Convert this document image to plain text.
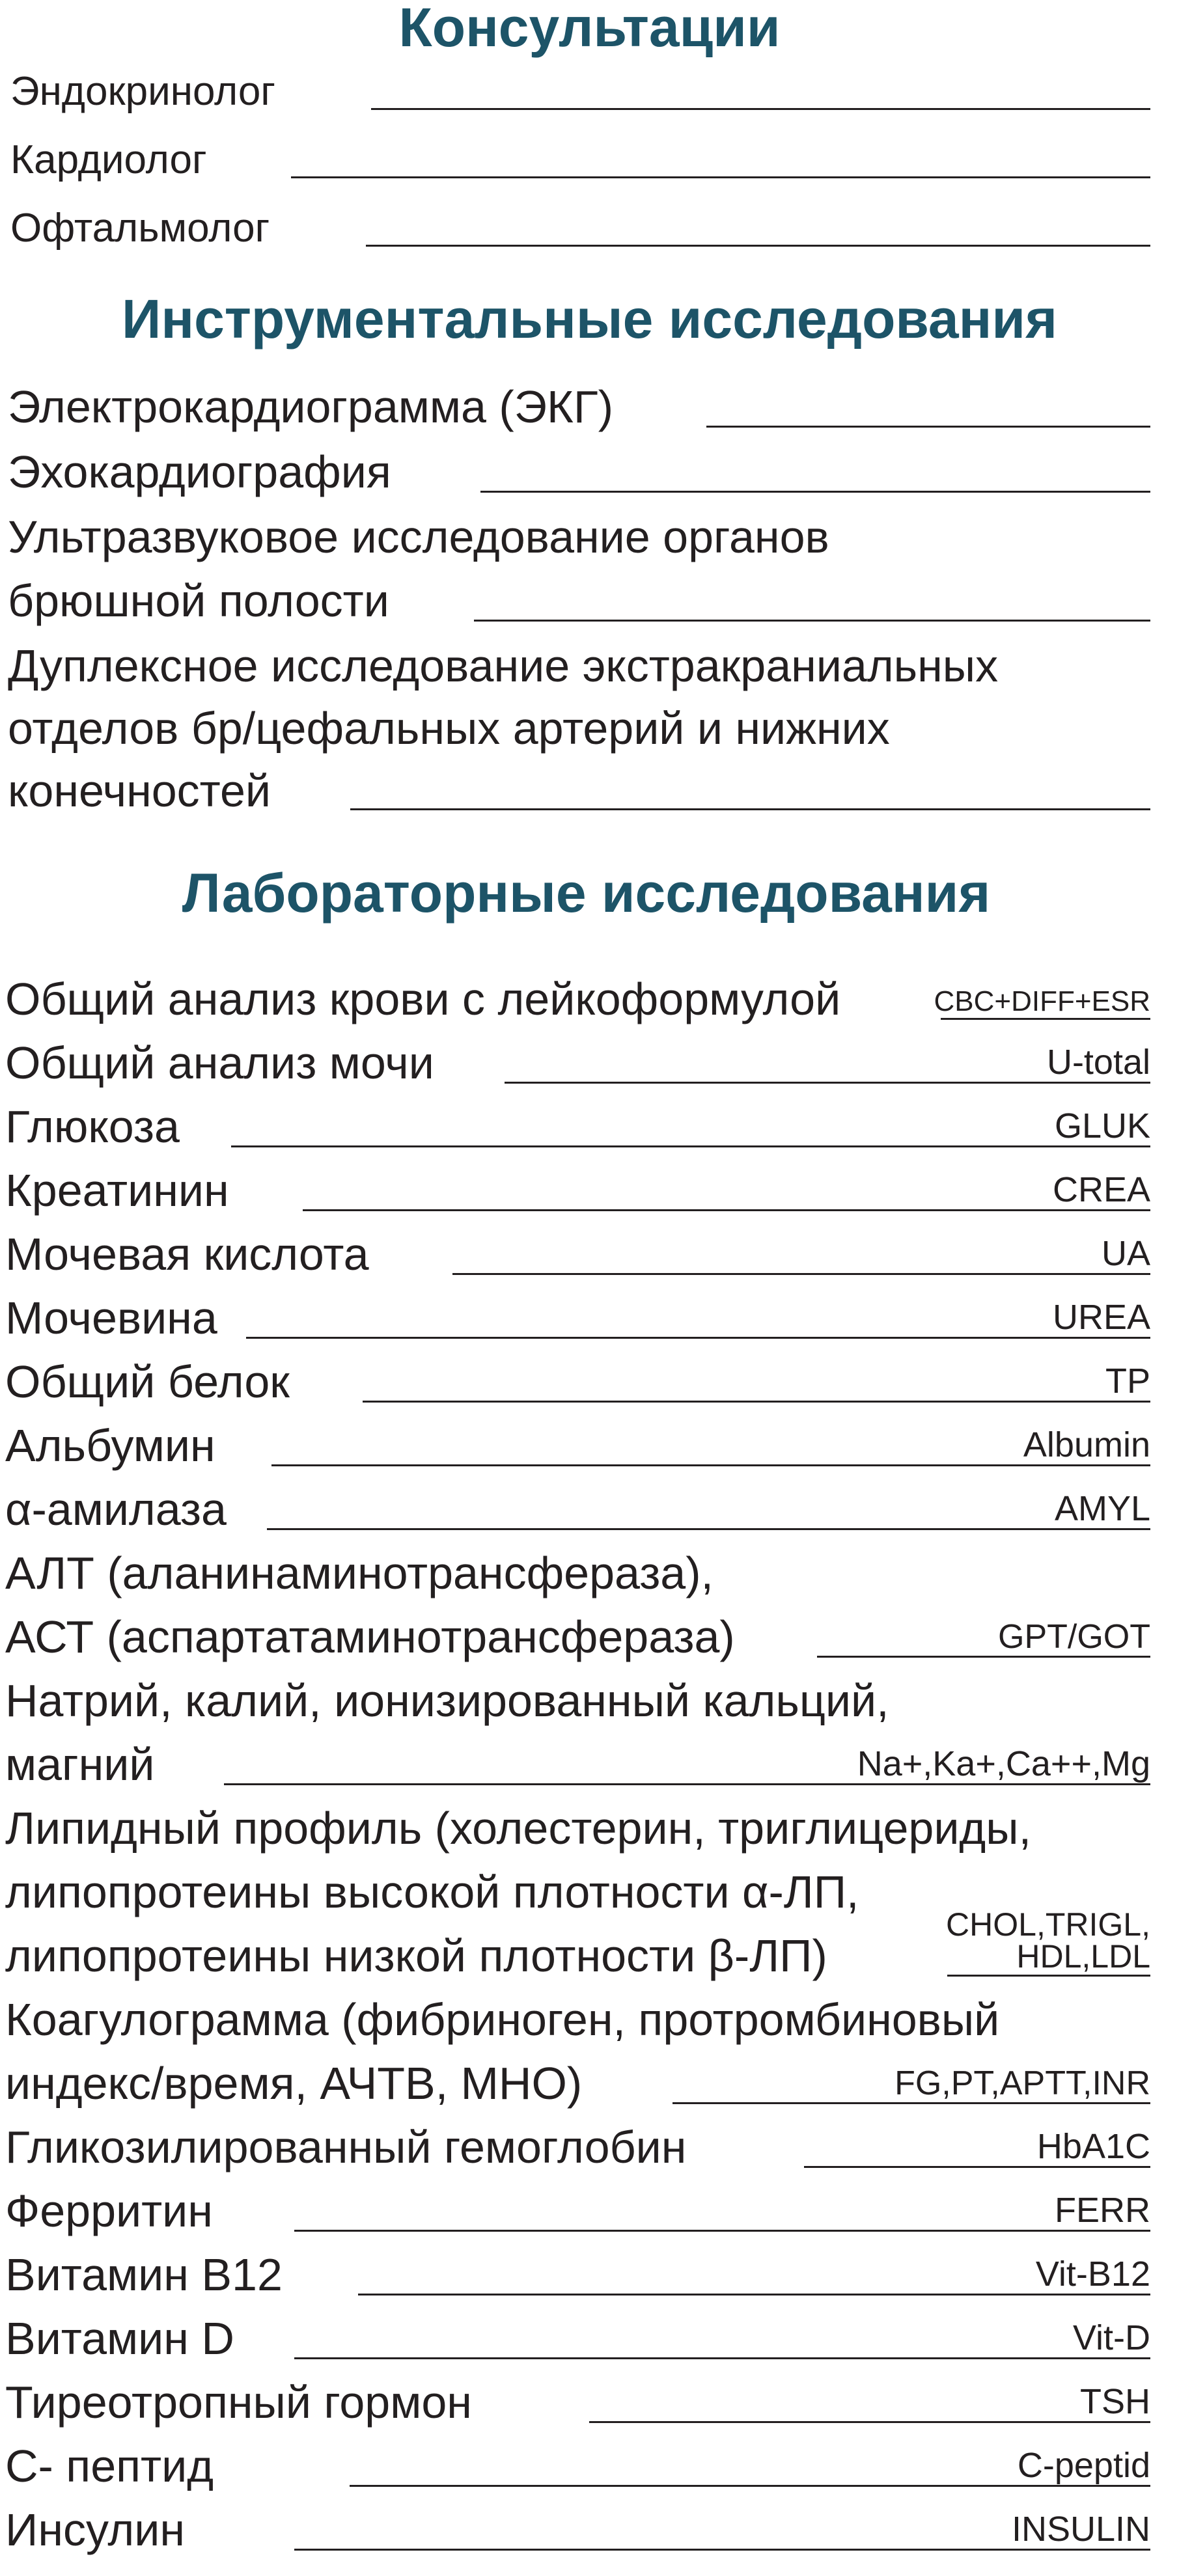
Консультации
Эндокринолог
Кардиолог
Офтальмолог
Инструментальные исследования
Электрокардиограмма (ЭКГ)
Эхокардиография
Ультразвуковое исследование органов
брюшной полости
Дуплексное исследование экстракраниальных
отделов бр/цефальных артерий и нижних
конечностей
Лабораторные исследования
Общий анализ крови с лейкоформулой	CBC+DIFF+ESR
Общий анализ мочи	U-total
Глюкоза	GLUK
Креатинин	CREA
Мочевая кислота	UA
Мочевина	UREA
Общий белок	TP
Альбумин	Albumin
α-амилаза	AMYL
АЛТ (аланинаминотрансфераза),
АСТ (аспартатаминотрансфераза)	GPT/GOT
Натрий, калий, ионизированный кальций,
магний	Na+,Ka+,Ca++,Mg
Липидный профиль (холестерин, триглицериды,
липопротеины высокой плотности α-ЛП,
липопротеины низкой плотности β-ЛП)
CHOL,TRIGL,
HDL,LDL
Коагулограмма (фибриноген, протромбиновый
индекс/время, АЧТВ, МНО)	FG,PT,APTT,INR
Гликозилированный гемоглобин	HbA1C
Ферритин	FERR
Витамин В12	Vit-B12
Витамин D	Vit-D
Тиреотропный гормон	TSH
С- пептид	C-peptid
Инсулин	INSULIN
